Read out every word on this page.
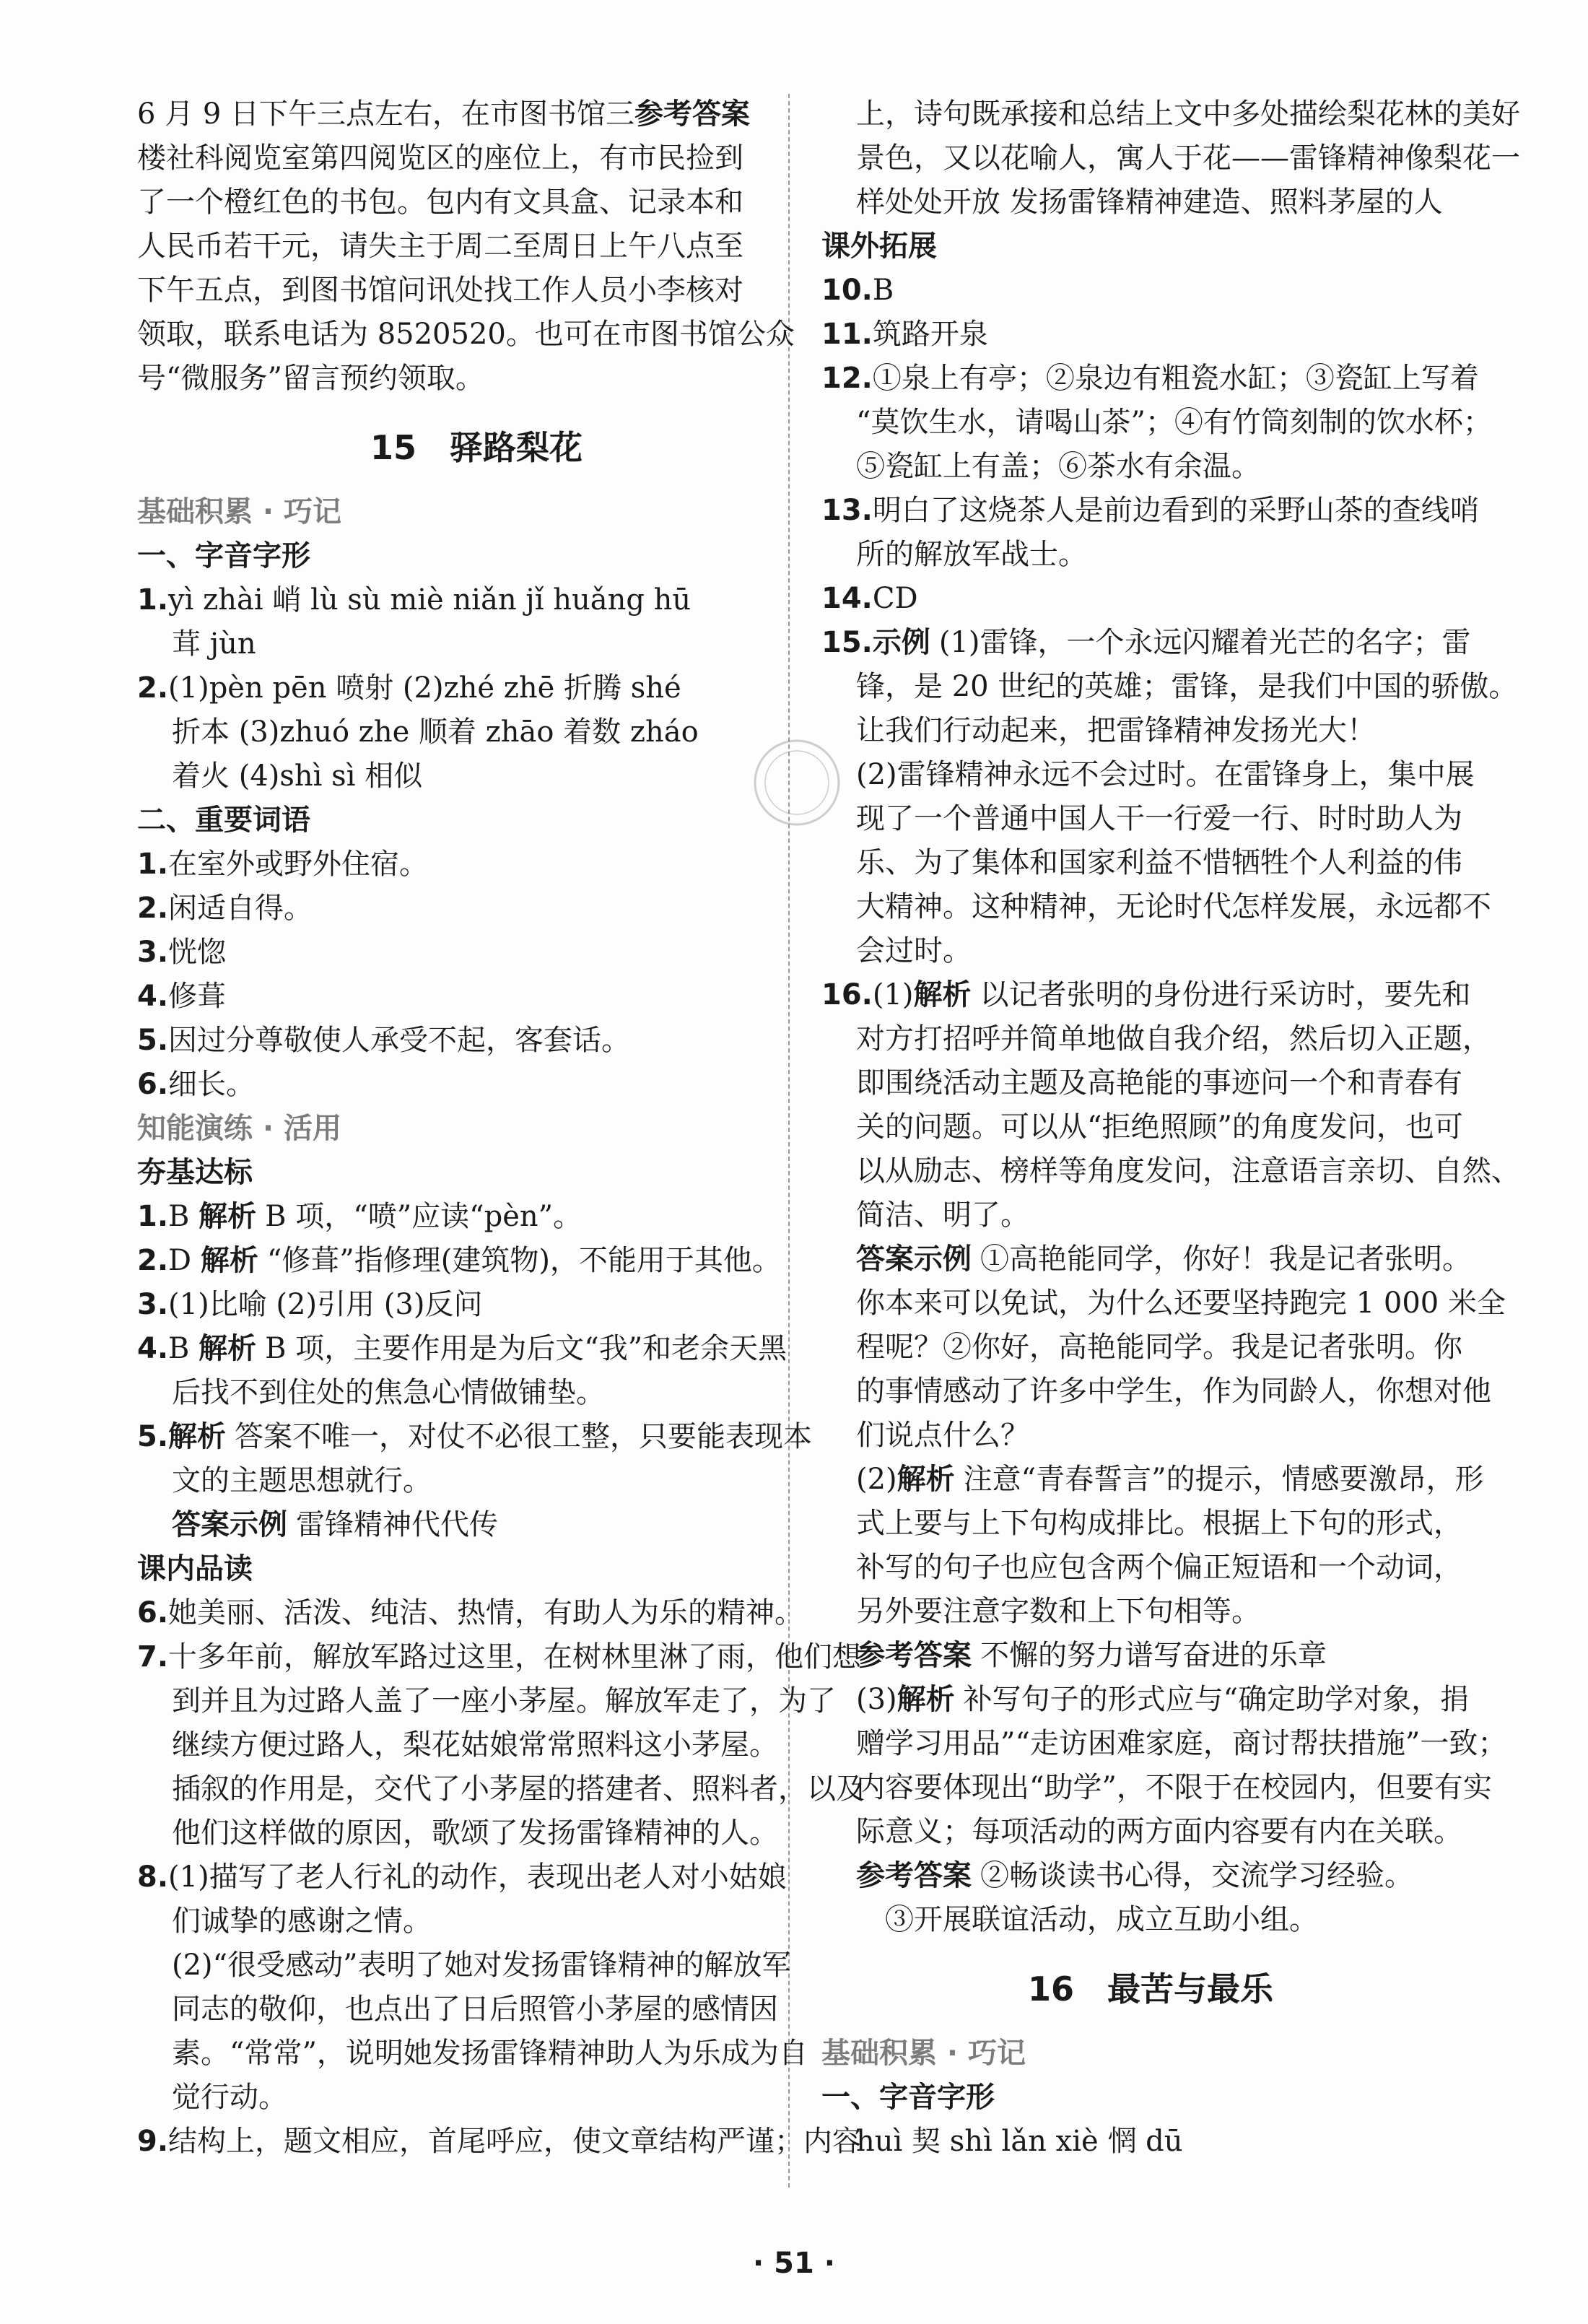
6 月 9 日下午三点左右，在市图书馆三参考答案
楼社科阅览室第四阅览区的座位上，有市民捡到
了一个橙红色的书包。包内有文具盒、记录本和
人民币若干元，请失主于周二至周日上午八点至
下午五点，到图书馆问讯处找工作人员小李核对
领取，联系电话为 8520520。也可在市图书馆公众
号“微服务”留言预约领取。
15 驿路梨花
基础积累 · 巧记
一、字音字形
1.yì zhài 峭 lù sù miè niǎn jǐ huǎng hū
茸 jùn
2.(1)pèn pēn 喷射 (2)zhé zhē 折腾 shé
折本 (3)zhuó zhe 顺着 zhāo 着数 zháo
着火 (4)shì sì 相似
二、重要词语
1.在室外或野外住宿。
2.闲适自得。
3.恍惚
4.修葺
5.因过分尊敬使人承受不起，客套话。
6.细长。
知能演练 · 活用
夯基达标
1.B 解析 B 项，“喷”应读“pèn”。
2.D 解析 “修葺”指修理(建筑物)，不能用于其他。
3.(1)比喻 (2)引用 (3)反问
4.B 解析 B 项，主要作用是为后文“我”和老余天黑
后找不到住处的焦急心情做铺垫。
5.解析 答案不唯一，对仗不必很工整，只要能表现本
文的主题思想就行。
答案示例 雷锋精神代代传
课内品读
6.她美丽、活泼、纯洁、热情，有助人为乐的精神。
7.十多年前，解放军路过这里，在树林里淋了雨，他们想
到并且为过路人盖了一座小茅屋。解放军走了，为了
继续方便过路人，梨花姑娘常常照料这小茅屋。
插叙的作用是，交代了小茅屋的搭建者、照料者，以及
他们这样做的原因，歌颂了发扬雷锋精神的人。
8.(1)描写了老人行礼的动作，表现出老人对小姑娘
们诚挚的感谢之情。
(2)“很受感动”表明了她对发扬雷锋精神的解放军
同志的敬仰，也点出了日后照管小茅屋的感情因
素。“常常”，说明她发扬雷锋精神助人为乐成为自
觉行动。
9.结构上，题文相应，首尾呼应，使文章结构严谨；内容
上，诗句既承接和总结上文中多处描绘梨花林的美好
景色，又以花喻人，寓人于花——雷锋精神像梨花一
样处处开放 发扬雷锋精神建造、照料茅屋的人
课外拓展
10.B
11.筑路开泉
12.①泉上有亭；②泉边有粗瓷水缸；③瓷缸上写着
“莫饮生水，请喝山茶”；④有竹筒刻制的饮水杯；
⑤瓷缸上有盖；⑥茶水有余温。
13.明白了这烧茶人是前边看到的采野山茶的查线哨
所的解放军战士。
14.CD
15.示例 (1)雷锋，一个永远闪耀着光芒的名字；雷
锋，是 20 世纪的英雄；雷锋，是我们中国的骄傲。
让我们行动起来，把雷锋精神发扬光大！
(2)雷锋精神永远不会过时。在雷锋身上，集中展
现了一个普通中国人干一行爱一行、时时助人为
乐、为了集体和国家利益不惜牺牲个人利益的伟
大精神。这种精神，无论时代怎样发展，永远都不
会过时。
16.(1)解析 以记者张明的身份进行采访时，要先和
对方打招呼并简单地做自我介绍，然后切入正题，
即围绕活动主题及高艳能的事迹问一个和青春有
关的问题。可以从“拒绝照顾”的角度发问，也可
以从励志、榜样等角度发问，注意语言亲切、自然、
简洁、明了。
答案示例 ①高艳能同学，你好！我是记者张明。
你本来可以免试，为什么还要坚持跑完 1 000 米全
程呢？②你好，高艳能同学。我是记者张明。你
的事情感动了许多中学生，作为同龄人，你想对他
们说点什么？
(2)解析 注意“青春誓言”的提示，情感要激昂，形
式上要与上下句构成排比。根据上下句的形式，
补写的句子也应包含两个偏正短语和一个动词，
另外要注意字数和上下句相等。
参考答案 不懈的努力谱写奋进的乐章
(3)解析 补写句子的形式应与“确定助学对象，捐
赠学习用品”“走访困难家庭，商讨帮扶措施”一致；
内容要体现出“助学”，不限于在校园内，但要有实
际意义；每项活动的两方面内容要有内在关联。
参考答案 ②畅谈读书心得，交流学习经验。
③开展联谊活动，成立互助小组。
16 最苦与最乐
基础积累 · 巧记
一、字音字形
huì 契 shì lǎn xiè 惘 dū
· 51 ·
